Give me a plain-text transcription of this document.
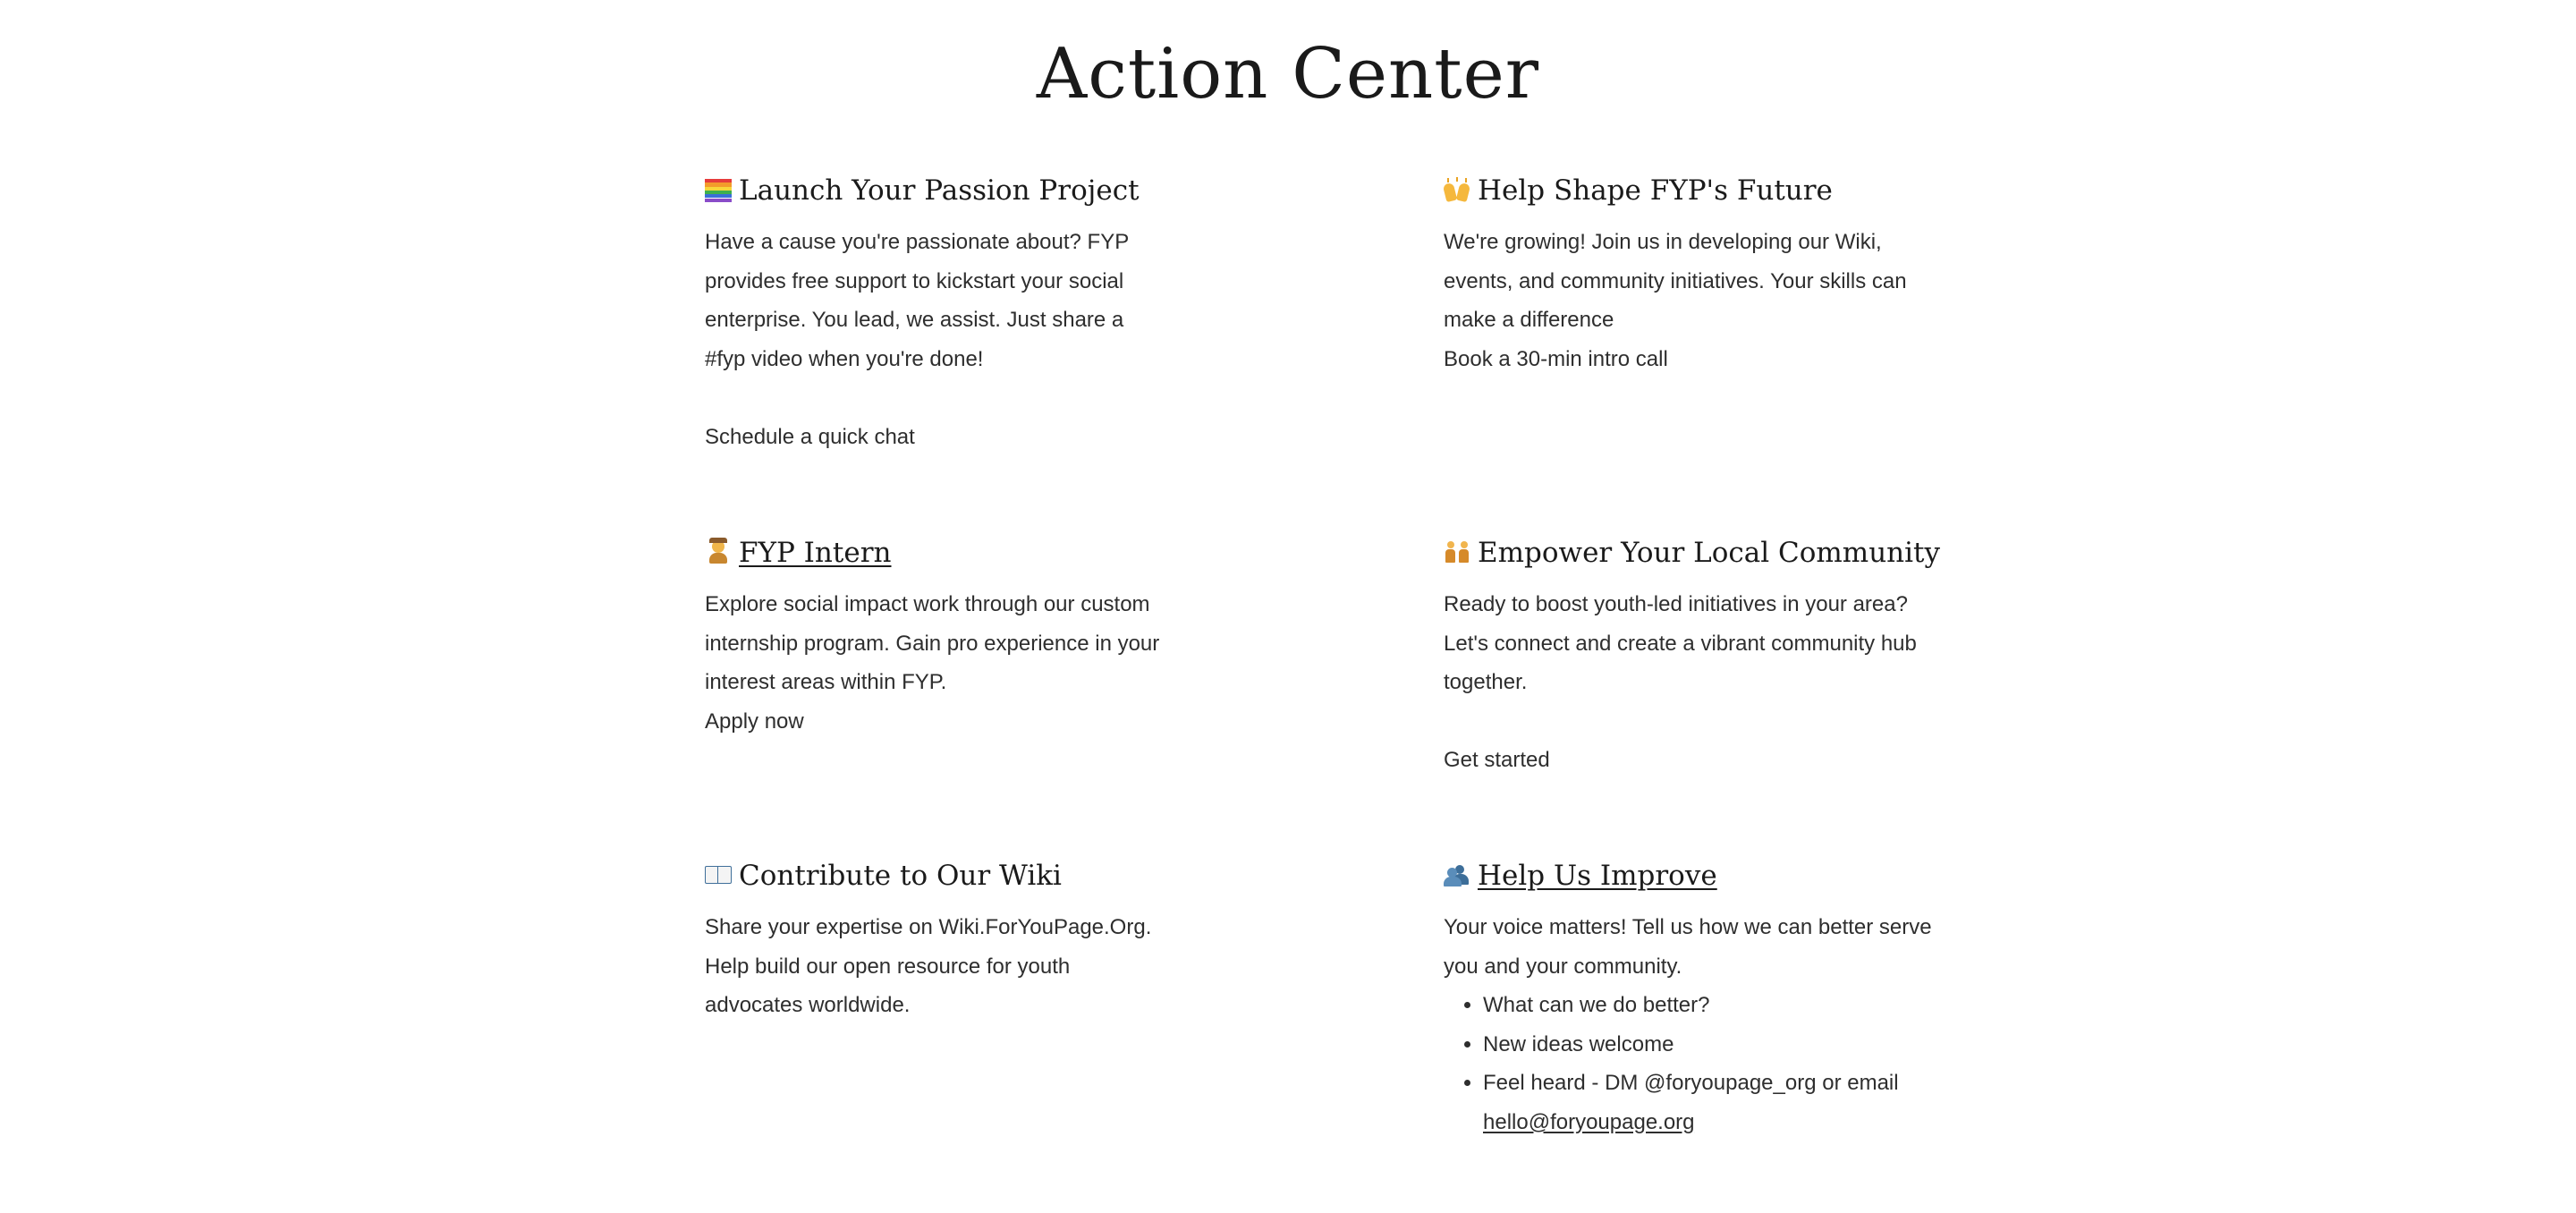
Action Center
Launch Your Passion Project

Have a cause you're passionate about? FYP provides free support to kickstart your social enterprise. You lead, we assist. Just share a #fyp video when you're done!

Schedule a quick chat
Help Shape FYP's Future

We're growing! Join us in developing our Wiki, events, and community initiatives. Your skills can make a difference

Book a 30-min intro call
FYP Intern

Explore social impact work through our custom internship program. Gain pro experience in your interest areas within FYP.

Apply now
Empower Your Local Community

Ready to boost youth-led initiatives in your area? Let's connect and create a vibrant community hub together.

Get started
Contribute to Our Wiki

Share your expertise on Wiki.ForYouPage.Org. Help build our open resource for youth advocates worldwide.

Help Us Improve

Your voice matters! Tell us how we can better serve you and your community.

• What can we do better?
• New ideas welcome
• Feel heard - DM @foryoupage_org or email hello@foryoupage.org
